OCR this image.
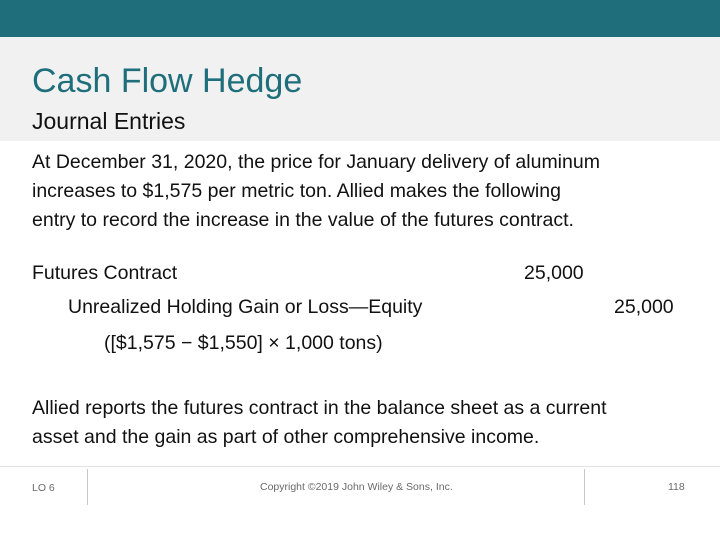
Cash Flow Hedge
Journal Entries
At December 31, 2020, the price for January delivery of aluminum
increases to $1,575 per metric ton. Allied makes the following
entry to record the increase in the value of the futures contract.
Futures Contract	25,000
Unrealized Holding Gain or Loss—Equity	25,000
([$1,575 − $1,550] × 1,000 tons)
Allied reports the futures contract in the balance sheet as a current
asset and the gain as part of other comprehensive income.
LO 6	Copyright ©2019 John Wiley & Sons, Inc.	118
